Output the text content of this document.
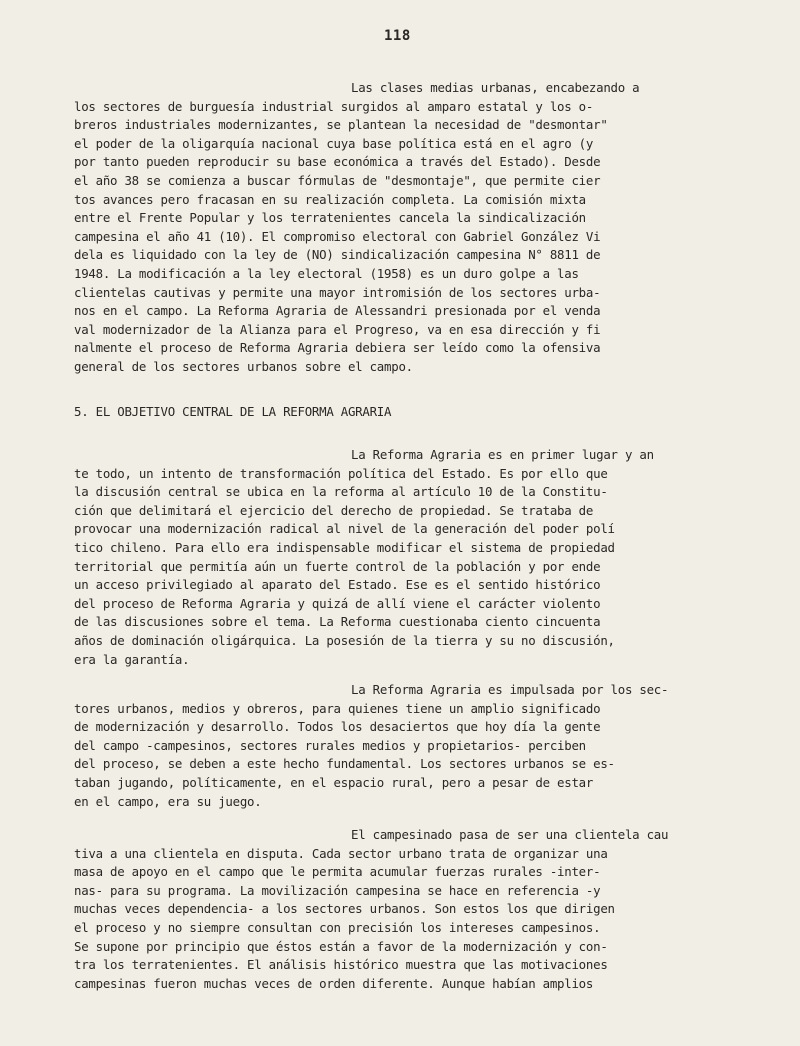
118
Las clases medias urbanas, encabezando a
los sectores de burguesía industrial surgidos al amparo estatal y los o-
breros industriales modernizantes, se plantean la necesidad de "desmontar"
el poder de la oligarquía nacional cuya base política está en el agro (y
por tanto pueden reproducir su base económica a través del Estado). Desde
el año 38 se comienza a buscar fórmulas de "desmontaje", que permite cier
tos avances pero fracasan en su realización completa. La comisión mixta
entre el Frente Popular y los terratenientes cancela la sindicalización
campesina el año 41 (10). El compromiso electoral con Gabriel González Vi
dela es liquidado con la ley de (NO) sindicalización campesina N° 8811 de
1948. La modificación a la ley electoral (1958) es un duro golpe a las
clientelas cautivas y permite una mayor intromisión de los sectores urba-
nos en el campo. La Reforma Agraria de Alessandri presionada por el venda
val modernizador de la Alianza para el Progreso, va en esa dirección y fi
nalmente el proceso de Reforma Agraria debiera ser leído como la ofensiva
general de los sectores urbanos sobre el campo.
5. EL OBJETIVO CENTRAL DE LA REFORMA AGRARIA
La Reforma Agraria es en primer lugar y an
te todo, un intento de transformación política del Estado. Es por ello que
la discusión central se ubica en la reforma al artículo 10 de la Constitu-
ción que delimitará el ejercicio del derecho de propiedad. Se trataba de
provocar una modernización radical al nivel de la generación del poder polí
tico chileno. Para ello era indispensable modificar el sistema de propiedad
territorial que permitía aún un fuerte control de la población y por ende
un acceso privilegiado al aparato del Estado. Ese es el sentido histórico
del proceso de Reforma Agraria y quizá de allí viene el carácter violento
de las discusiones sobre el tema. La Reforma cuestionaba ciento cincuenta
años de dominación oligárquica. La posesión de la tierra y su no discusión,
era la garantía.
La Reforma Agraria es impulsada por los sec-
tores urbanos, medios y obreros, para quienes tiene un amplio significado
de modernización y desarrollo. Todos los desaciertos que hoy día la gente
del campo -campesinos, sectores rurales medios y propietarios- perciben
del proceso, se deben a este hecho fundamental. Los sectores urbanos se es-
taban jugando, políticamente, en el espacio rural, pero a pesar de estar
en el campo, era su juego.
El campesinado pasa de ser una clientela cau
tiva a una clientela en disputa. Cada sector urbano trata de organizar una
masa de apoyo en el campo que le permita acumular fuerzas rurales -inter-
nas- para su programa. La movilización campesina se hace en referencia -y
muchas veces dependencia- a los sectores urbanos. Son estos los que dirigen
el proceso y no siempre consultan con precisión los intereses campesinos.
Se supone por principio que éstos están a favor de la modernización y con-
tra los terratenientes. El análisis histórico muestra que las motivaciones
campesinas fueron muchas veces de orden diferente. Aunque habían amplios
